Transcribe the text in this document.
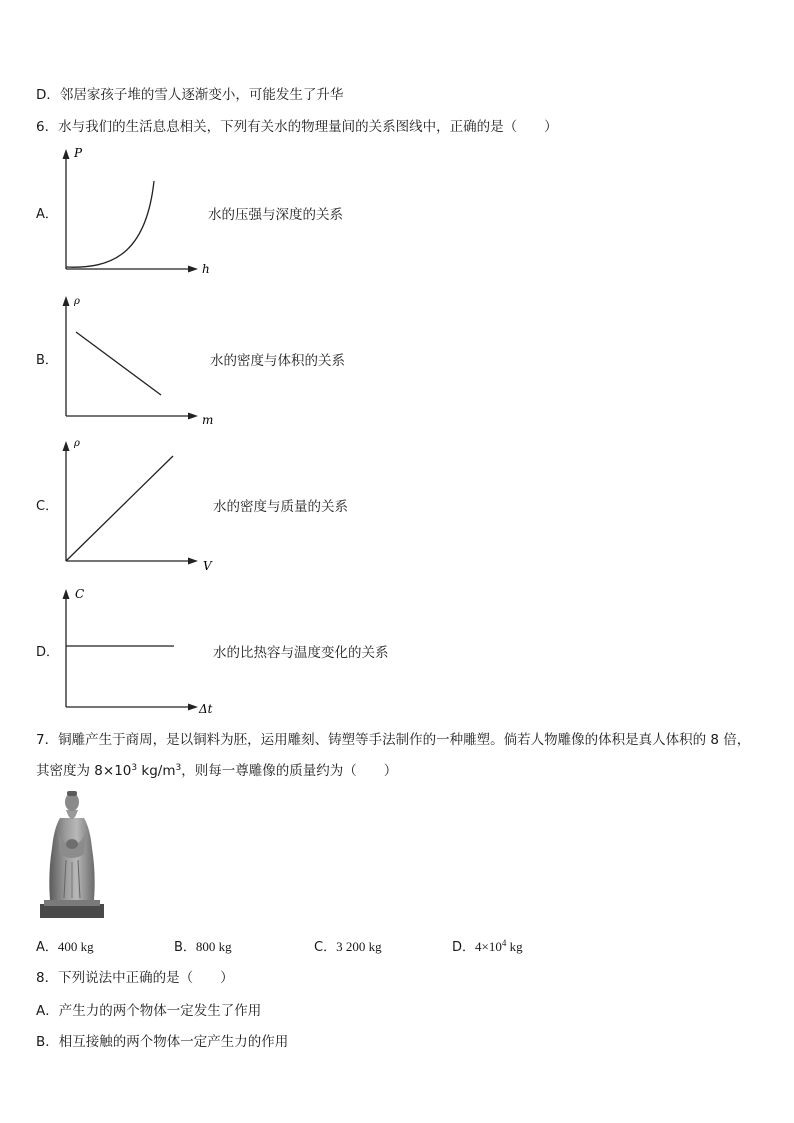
D．邻居家孩子堆的雪人逐渐变小，可能发生了升华
6．水与我们的生活息息相关，下列有关水的物理量间的关系图线中，正确的是（　　）
A．
P
h
水的压强与深度的关系
B．
ρ
m
水的密度与体积的关系
C．
ρ
V
水的密度与质量的关系
D．
C
Δt
水的比热容与温度变化的关系
7．铜雕产生于商周，是以铜料为胚，运用雕刻、铸塑等手法制作的一种雕塑。倘若人物雕像的体积是真人体积的 8 倍，
其密度为 $8\times 10^3$ $kg/m^3$，则每一尊雕像的质量约为（　　）
A．400 kg	B．800 kg	C．3 200 kg	D．$4\times 10^4$ kg
8．下列说法中正确的是（　　）
A．产生力的两个物体一定发生了作用
B．相互接触的两个物体一定产生力的作用
